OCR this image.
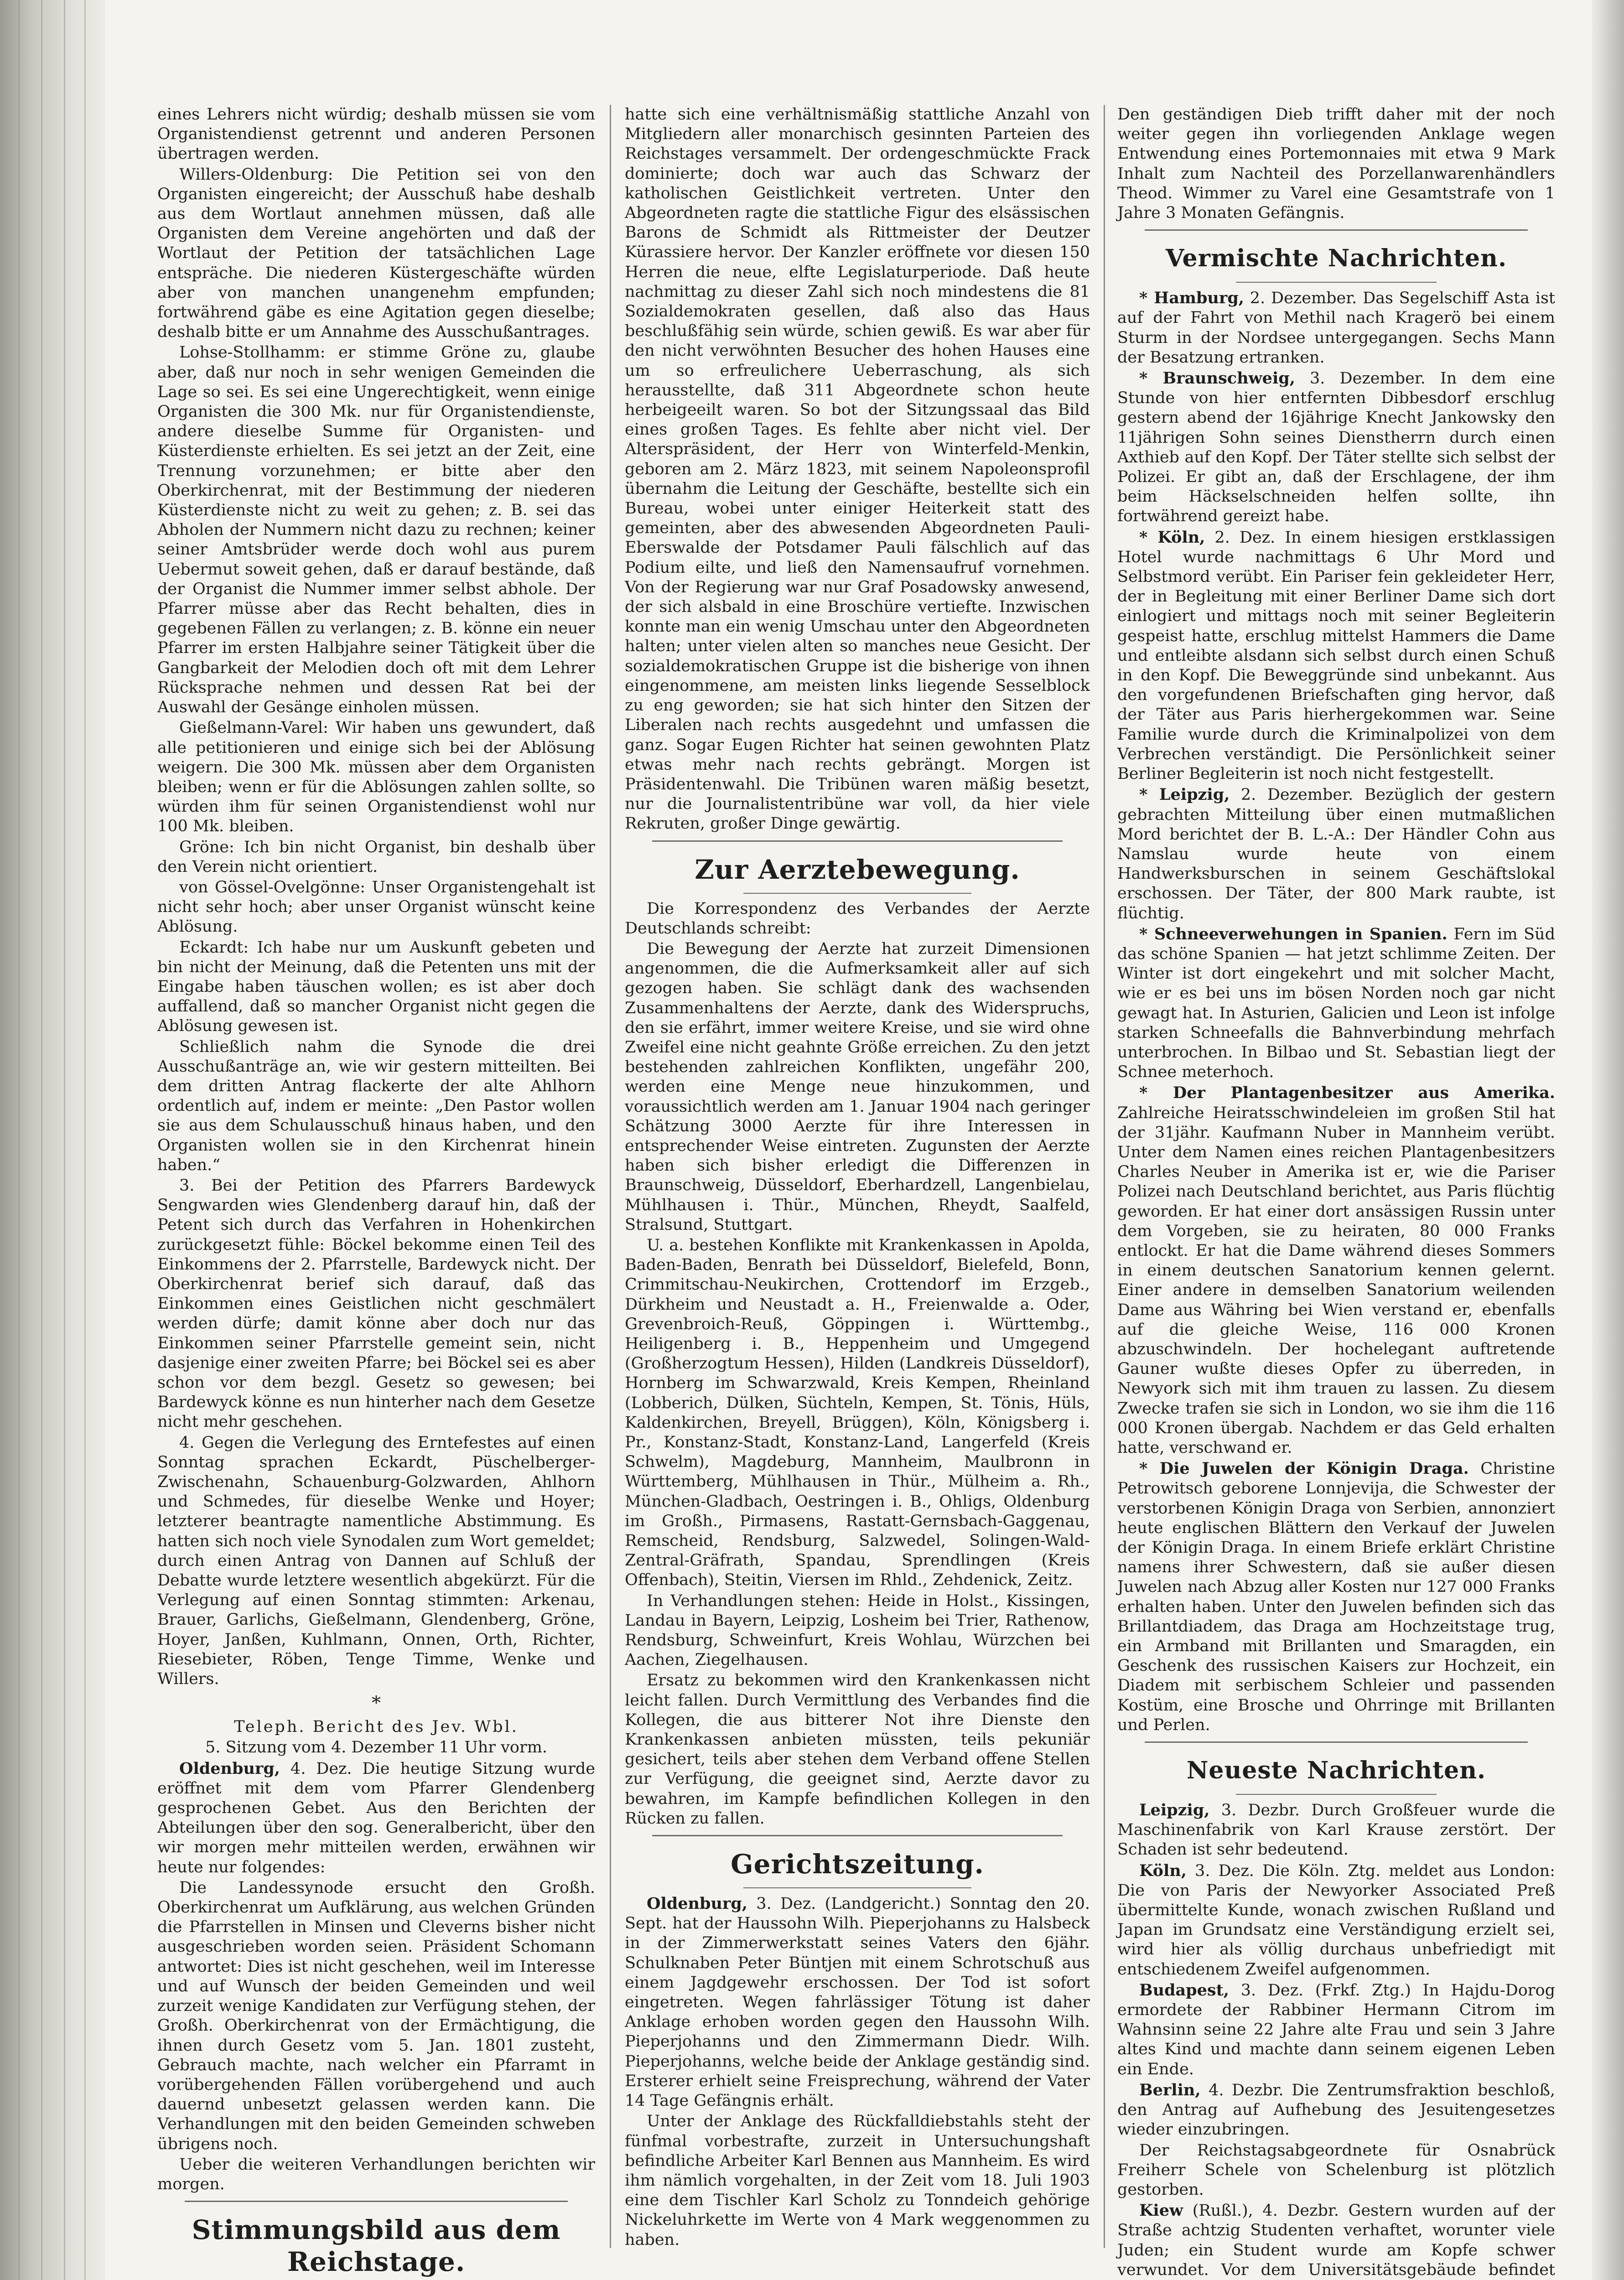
eines Lehrers nicht würdig; deshalb müssen sie vom Organistendienst getrennt und anderen Personen übertragen werden.

Willers-Oldenburg: Die Petition sei von den Organisten eingereicht; der Ausschuß habe deshalb aus dem Wortlaut annehmen müssen, daß alle Organisten dem Vereine angehörten und daß der Wortlaut der Petition der tatsächlichen Lage entspräche. Die niederen Küstergeschäfte würden aber von manchen unangenehm empfunden; fortwährend gäbe es eine Agitation gegen dieselbe; deshalb bitte er um Annahme des Ausschußantrages.

Lohse-Stollhamm: er stimme Gröne zu, glaube aber, daß nur noch in sehr wenigen Gemeinden die Lage so sei. Es sei eine Ungerechtigkeit, wenn einige Organisten die 300 Mk. nur für Organistendienste, andere dieselbe Summe für Organisten- und Küsterdienste erhielten. Es sei jetzt an der Zeit, eine Trennung vorzunehmen; er bitte aber den Oberkirchenrat, mit der Bestimmung der niederen Küsterdienste nicht zu weit zu gehen; z. B. sei das Abholen der Nummern nicht dazu zu rechnen; keiner seiner Amtsbrüder werde doch wohl aus purem Uebermut soweit gehen, daß er darauf bestände, daß der Organist die Nummer immer selbst abhole. Der Pfarrer müsse aber das Recht behalten, dies in gegebenen Fällen zu verlangen; z. B. könne ein neuer Pfarrer im ersten Halbjahre seiner Tätigkeit über die Gangbarkeit der Melodien doch oft mit dem Lehrer Rücksprache nehmen und dessen Rat bei der Auswahl der Gesänge einholen müssen.

Gießelmann-Varel: Wir haben uns gewundert, daß alle petitionieren und einige sich bei der Ablösung weigern. Die 300 Mk. müssen aber dem Organisten bleiben; wenn er für die Ablösungen zahlen sollte, so würden ihm für seinen Organistendienst wohl nur 100 Mk. bleiben.

Gröne: Ich bin nicht Organist, bin deshalb über den Verein nicht orientiert.

von Gössel-Ovelgönne: Unser Organistengehalt ist nicht sehr hoch; aber unser Organist wünscht keine Ablösung.

Eckardt: Ich habe nur um Auskunft gebeten und bin nicht der Meinung, daß die Petenten uns mit der Eingabe haben täuschen wollen; es ist aber doch auffallend, daß so mancher Organist nicht gegen die Ablösung gewesen ist.

Schließlich nahm die Synode die drei Ausschußanträge an, wie wir gestern mitteilten. Bei dem dritten Antrag flackerte der alte Ahlhorn ordentlich auf, indem er meinte: „Den Pastor wollen sie aus dem Schulausschuß hinaus haben, und den Organisten wollen sie in den Kirchenrat hinein haben.“

3. Bei der Petition des Pfarrers Bardewyck Sengwarden wies Glendenberg darauf hin, daß der Petent sich durch das Verfahren in Hohenkirchen zurückgesetzt fühle: Böckel bekomme einen Teil des Einkommens der 2. Pfarrstelle, Bardewyck nicht. Der Oberkirchenrat berief sich darauf, daß das Einkommen eines Geistlichen nicht geschmälert werden dürfe; damit könne aber doch nur das Einkommen seiner Pfarrstelle gemeint sein, nicht dasjenige einer zweiten Pfarre; bei Böckel sei es aber schon vor dem bezgl. Gesetz so gewesen; bei Bardewyck könne es nun hinterher nach dem Gesetze nicht mehr geschehen.

4. Gegen die Verlegung des Erntefestes auf einen Sonntag sprachen Eckardt, Püschelberger-Zwischenahn, Schauenburg-Golzwarden, Ahlhorn und Schmedes, für dieselbe Wenke und Hoyer; letzterer beantragte namentliche Abstimmung. Es hatten sich noch viele Synodalen zum Wort gemeldet; durch einen Antrag von Dannen auf Schluß der Debatte wurde letztere wesentlich abgekürzt. Für die Verlegung auf einen Sonntag stimmten: Arkenau, Brauer, Garlichs, Gießelmann, Glendenberg, Gröne, Hoyer, Janßen, Kuhlmann, Onnen, Orth, Richter, Riesebieter, Röben, Tenge Timme, Wenke und Willers.

*

Teleph. Bericht des Jev. Wbl.

5. Sitzung vom 4. Dezember 11 Uhr vorm.

Oldenburg, 4. Dez. Die heutige Sitzung wurde eröffnet mit dem vom Pfarrer Glendenberg gesprochenen Gebet. Aus den Berichten der Abteilungen über den sog. Generalbericht, über den wir morgen mehr mitteilen werden, erwähnen wir heute nur folgendes:

Die Landessynode ersucht den Großh. Oberkirchenrat um Aufklärung, aus welchen Gründen die Pfarrstellen in Minsen und Cleverns bisher nicht ausgeschrieben worden seien. Präsident Schomann antwortet: Dies ist nicht geschehen, weil im Interesse und auf Wunsch der beiden Gemeinden und weil zurzeit wenige Kandidaten zur Verfügung stehen, der Großh. Oberkirchenrat von der Ermächtigung, die ihnen durch Gesetz vom 5. Jan. 1801 zusteht, Gebrauch machte, nach welcher ein Pfarramt in vorübergehenden Fällen vorübergehend und auch dauernd unbesetzt gelassen werden kann. Die Verhandlungen mit den beiden Gemeinden schweben übrigens noch.

Ueber die weiteren Verhandlungen berichten wir morgen.

Stimmungsbild aus dem Reichstage.

hatte sich eine verhältnismäßig stattliche Anzahl von Mitgliedern aller monarchisch gesinnten Parteien des Reichstages versammelt. Der ordengeschmückte Frack dominierte; doch war auch das Schwarz der katholischen Geistlichkeit vertreten. Unter den Abgeordneten ragte die stattliche Figur des elsässischen Barons de Schmidt als Rittmeister der Deutzer Kürassiere hervor. Der Kanzler eröffnete vor diesen 150 Herren die neue, elfte Legislaturperiode. Daß heute nachmittag zu dieser Zahl sich noch mindestens die 81 Sozialdemokraten gesellen, daß also das Haus beschlußfähig sein würde, schien gewiß. Es war aber für den nicht verwöhnten Besucher des hohen Hauses eine um so erfreulichere Ueberraschung, als sich herausstellte, daß 311 Abgeordnete schon heute herbeigeeilt waren. So bot der Sitzungssaal das Bild eines großen Tages. Es fehlte aber nicht viel. Der Alterspräsident, der Herr von Winterfeld-Menkin, geboren am 2. März 1823, mit seinem Napoleonsprofil übernahm die Leitung der Geschäfte, bestellte sich ein Bureau, wobei unter einiger Heiterkeit statt des gemeinten, aber des abwesenden Abgeordneten Pauli-Eberswalde der Potsdamer Pauli fälschlich auf das Podium eilte, und ließ den Namensaufruf vornehmen. Von der Regierung war nur Graf Posadowsky anwesend, der sich alsbald in eine Broschüre vertiefte. Inzwischen konnte man ein wenig Umschau unter den Abgeordneten halten; unter vielen alten so manches neue Gesicht. Der sozialdemokratischen Gruppe ist die bisherige von ihnen eingenommene, am meisten links liegende Sesselblock zu eng geworden; sie hat sich hinter den Sitzen der Liberalen nach rechts ausgedehnt und umfassen die ganz. Sogar Eugen Richter hat seinen gewohnten Platz etwas mehr nach rechts gebrängt. Morgen ist Präsidentenwahl. Die Tribünen waren mäßig besetzt, nur die Journalistentribüne war voll, da hier viele Rekruten, großer Dinge gewärtig.

Zur Aerztebewegung.

Die Korrespondenz des Verbandes der Aerzte Deutschlands schreibt:

Die Bewegung der Aerzte hat zurzeit Dimensionen angenommen, die die Aufmerksamkeit aller auf sich gezogen haben. Sie schlägt dank des wachsenden Zusammenhaltens der Aerzte, dank des Widerspruchs, den sie erfährt, immer weitere Kreise, und sie wird ohne Zweifel eine nicht geahnte Größe erreichen. Zu den jetzt bestehenden zahlreichen Konflikten, ungefähr 200, werden eine Menge neue hinzukommen, und voraussichtlich werden am 1. Januar 1904 nach geringer Schätzung 3000 Aerzte für ihre Interessen in entsprechender Weise eintreten. Zugunsten der Aerzte haben sich bisher erledigt die Differenzen in Braunschweig, Düsseldorf, Eberhardzell, Langenbielau, Mühlhausen i. Thür., München, Rheydt, Saalfeld, Stralsund, Stuttgart.

U. a. bestehen Konflikte mit Krankenkassen in Apolda, Baden-Baden, Benrath bei Düsseldorf, Bielefeld, Bonn, Crimmitschau-Neukirchen, Crottendorf im Erzgeb., Dürkheim und Neustadt a. H., Freienwalde a. Oder, Grevenbroich-Reuß, Göppingen i. Württembg., Heiligenberg i. B., Heppenheim und Umgegend (Großherzogtum Hessen), Hilden (Landkreis Düsseldorf), Hornberg im Schwarzwald, Kreis Kempen, Rheinland (Lobberich, Dülken, Süchteln, Kempen, St. Tönis, Hüls, Kaldenkirchen, Breyell, Brüggen), Köln, Königsberg i. Pr., Konstanz-Stadt, Konstanz-Land, Langerfeld (Kreis Schwelm), Magdeburg, Mannheim, Maulbronn in Württemberg, Mühlhausen in Thür., Mülheim a. Rh., München-Gladbach, Oestringen i. B., Ohligs, Oldenburg im Großh., Pirmasens, Rastatt-Gernsbach-Gaggenau, Remscheid, Rendsburg, Salzwedel, Solingen-Wald-Zentral-Gräfrath, Spandau, Sprendlingen (Kreis Offenbach), Steitin, Viersen im Rhld., Zehdenick, Zeitz.

In Verhandlungen stehen: Heide in Holst., Kissingen, Landau in Bayern, Leipzig, Losheim bei Trier, Rathenow, Rendsburg, Schweinfurt, Kreis Wohlau, Würzchen bei Aachen, Ziegelhausen.

Ersatz zu bekommen wird den Krankenkassen nicht leicht fallen. Durch Vermittlung des Verbandes find die Kollegen, die aus bitterer Not ihre Dienste den Krankenkassen anbieten müssten, teils pekuniär gesichert, teils aber stehen dem Verband offene Stellen zur Verfügung, die geeignet sind, Aerzte davor zu bewahren, im Kampfe befindlichen Kollegen in den Rücken zu fallen.

Gerichtszeitung.

Oldenburg, 3. Dez. (Landgericht.) Sonntag den 20. Sept. hat der Haussohn Wilh. Pieperjohanns zu Halsbeck in der Zimmerwerkstatt seines Vaters den 6jähr. Schulknaben Peter Büntjen mit einem Schrotschuß aus einem Jagdgewehr erschossen. Der Tod ist sofort eingetreten. Wegen fahrlässiger Tötung ist daher Anklage erhoben worden gegen den Haussohn Wilh. Pieperjohanns und den Zimmermann Diedr. Wilh. Pieperjohanns, welche beide der Anklage geständig sind. Ersterer erhielt seine Freisprechung, während der Vater 14 Tage Gefängnis erhält.

Unter der Anklage des Rückfalldiebstahls steht der fünfmal vorbestrafte, zurzeit in Untersuchungshaft befindliche Arbeiter Karl Bennen aus Mannheim. Es wird ihm nämlich vorgehalten, in der Zeit vom 18. Juli 1903 eine dem Tischler Karl Scholz zu Tonndeich gehörige Nickeluhrkette im Werte von 4 Mark weggenommen zu haben.

Den geständigen Dieb trifft daher mit der noch weiter gegen ihn vorliegenden Anklage wegen Entwendung eines Portemonnaies mit etwa 9 Mark Inhalt zum Nachteil des Porzellanwarenhändlers Theod. Wimmer zu Varel eine Gesamtstrafe von 1 Jahre 3 Monaten Gefängnis.

Vermischte Nachrichten.

* Hamburg, 2. Dezember. Das Segelschiff Asta ist auf der Fahrt von Methil nach Kragerö bei einem Sturm in der Nordsee untergegangen. Sechs Mann der Besatzung ertranken.

* Braunschweig, 3. Dezember. In dem eine Stunde von hier entfernten Dibbesdorf erschlug gestern abend der 16jährige Knecht Jankowsky den 11jährigen Sohn seines Dienstherrn durch einen Axthieb auf den Kopf. Der Täter stellte sich selbst der Polizei. Er gibt an, daß der Erschlagene, der ihm beim Häckselschneiden helfen sollte, ihn fortwährend gereizt habe.

* Köln, 2. Dez. In einem hiesigen erstklassigen Hotel wurde nachmittags 6 Uhr Mord und Selbstmord verübt. Ein Pariser fein gekleideter Herr, der in Begleitung mit einer Berliner Dame sich dort einlogiert und mittags noch mit seiner Begleiterin gespeist hatte, erschlug mittelst Hammers die Dame und entleibte alsdann sich selbst durch einen Schuß in den Kopf. Die Beweggründe sind unbekannt. Aus den vorgefundenen Briefschaften ging hervor, daß der Täter aus Paris hierhergekommen war. Seine Familie wurde durch die Kriminalpolizei von dem Verbrechen verständigt. Die Persönlichkeit seiner Berliner Begleiterin ist noch nicht festgestellt.

* Leipzig, 2. Dezember. Bezüglich der gestern gebrachten Mitteilung über einen mutmaßlichen Mord berichtet der B. L.-A.: Der Händler Cohn aus Namslau wurde heute von einem Handwerksburschen in seinem Geschäftslokal erschossen. Der Täter, der 800 Mark raubte, ist flüchtig.

* Schneeverwehungen in Spanien. Fern im Süd das schöne Spanien — hat jetzt schlimme Zeiten. Der Winter ist dort eingekehrt und mit solcher Macht, wie er es bei uns im bösen Norden noch gar nicht gewagt hat. In Asturien, Galicien und Leon ist infolge starken Schneefalls die Bahnverbindung mehrfach unterbrochen. In Bilbao und St. Sebastian liegt der Schnee meterhoch.

* Der Plantagenbesitzer aus Amerika. Zahlreiche Heiratsschwindeleien im großen Stil hat der 31jähr. Kaufmann Nuber in Mannheim verübt. Unter dem Namen eines reichen Plantagenbesitzers Charles Neuber in Amerika ist er, wie die Pariser Polizei nach Deutschland berichtet, aus Paris flüchtig geworden. Er hat einer dort ansässigen Russin unter dem Vorgeben, sie zu heiraten, 80 000 Franks entlockt. Er hat die Dame während dieses Sommers in einem deutschen Sanatorium kennen gelernt. Einer andere in demselben Sanatorium weilenden Dame aus Währing bei Wien verstand er, ebenfalls auf die gleiche Weise, 116 000 Kronen abzuschwindeln. Der hochelegant auftretende Gauner wußte dieses Opfer zu überreden, in Newyork sich mit ihm trauen zu lassen. Zu diesem Zwecke trafen sie sich in London, wo sie ihm die 116 000 Kronen übergab. Nachdem er das Geld erhalten hatte, verschwand er.

* Die Juwelen der Königin Draga. Christine Petrowitsch geborene Lonnjevija, die Schwester der verstorbenen Königin Draga von Serbien, annonziert heute englischen Blättern den Verkauf der Juwelen der Königin Draga. In einem Briefe erklärt Christine namens ihrer Schwestern, daß sie außer diesen Juwelen nach Abzug aller Kosten nur 127 000 Franks erhalten haben. Unter den Juwelen befinden sich das Brillantdiadem, das Draga am Hochzeitstage trug, ein Armband mit Brillanten und Smaragden, ein Geschenk des russischen Kaisers zur Hochzeit, ein Diadem mit serbischem Schleier und passenden Kostüm, eine Brosche und Ohrringe mit Brillanten und Perlen.

Neueste Nachrichten.

Leipzig, 3. Dezbr. Durch Großfeuer wurde die Maschinenfabrik von Karl Krause zerstört. Der Schaden ist sehr bedeutend.

Köln, 3. Dez. Die Köln. Ztg. meldet aus London: Die von Paris der Newyorker Associated Preß übermittelte Kunde, wonach zwischen Rußland und Japan im Grundsatz eine Verständigung erzielt sei, wird hier als völlig durchaus unbefriedigt mit entschiedenem Zweifel aufgenommen.

Budapest, 3. Dez. (Frkf. Ztg.) In Hajdu-Dorog ermordete der Rabbiner Hermann Citrom im Wahnsinn seine 22 Jahre alte Frau und sein 3 Jahre altes Kind und machte dann seinem eigenen Leben ein Ende.

Berlin, 4. Dezbr. Die Zentrumsfraktion beschloß, den Antrag auf Aufhebung des Jesuitengesetzes wieder einzubringen.

Der Reichstagsabgeordnete für Osnabrück Freiherr Schele von Schelenburg ist plötzlich gestorben.

Kiew (Rußl.), 4. Dezbr. Gestern wurden auf der Straße achtzig Studenten verhaftet, worunter viele Juden; ein Student wurde am Kopfe schwer verwundet. Vor dem Universitätsgebäude befindet
